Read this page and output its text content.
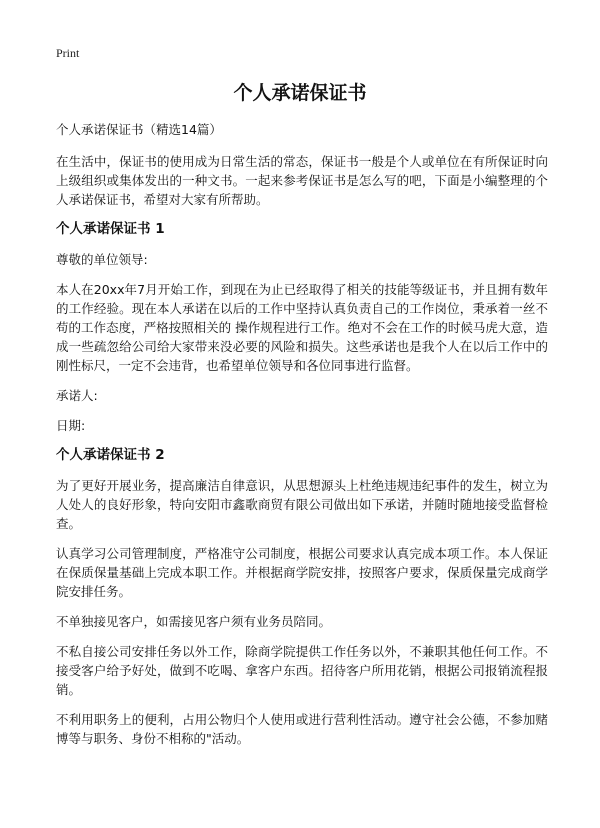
Print
个人承诺保证书

个人承诺保证书（精选14篇）

在生活中，保证书的使用成为日常生活的常态，保证书一般是个人或单位在有所保证时向上级组织或集体发出的一种文书。一起来参考保证书是怎么写的吧，下面是小编整理的个人承诺保证书，希望对大家有所帮助。

个人承诺保证书 1

尊敬的单位领导:

本人在20xx年7月开始工作，到现在为止已经取得了相关的技能等级证书，并且拥有数年的工作经验。现在本人承诺在以后的工作中坚持认真负责自己的工作岗位，秉承着一丝不苟的工作态度，严格按照相关的 操作规程进行工作。绝对不会在工作的时候马虎大意，造成一些疏忽给公司给大家带来没必要的风险和损失。这些承诺也是我个人在以后工作中的刚性标尺，一定不会违背，也希望单位领导和各位同事进行监督。

承诺人:

日期:

个人承诺保证书 2

为了更好开展业务，提高廉洁自律意识，从思想源头上杜绝违规违纪事件的发生，树立为人处人的良好形象，特向安阳市鑫歌商贸有限公司做出如下承诺，并随时随地接受监督检查。

认真学习公司管理制度，严格准守公司制度，根据公司要求认真完成本项工作。本人保证在保质保量基础上完成本职工作。并根据商学院安排，按照客户要求，保质保量完成商学院安排任务。

不单独接见客户，如需接见客户须有业务员陪同。

不私自接公司安排任务以外工作，除商学院提供工作任务以外，不兼职其他任何工作。不接受客户给予好处，做到不吃喝、拿客户东西。招待客户所用花销，根据公司报销流程报销。

不利用职务上的便利，占用公物归个人使用或进行营利性活动。遵守社会公德，不参加赌博等与职务、身份不相称的"活动。
